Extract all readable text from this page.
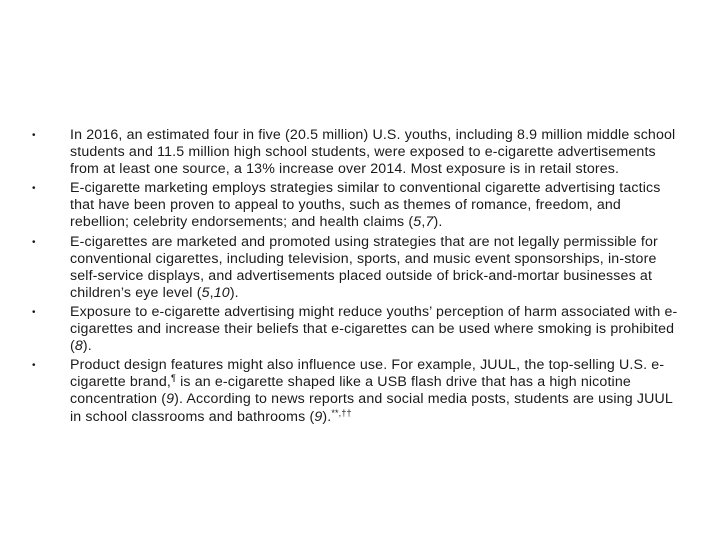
•	In 2016, an estimated four in five (20.5 million) U.S. youths, including 8.9 million middle school students and 11.5 million high school students, were exposed to e-cigarette advertisements from at least one source, a 13% increase over 2014. Most exposure is in retail stores.
•	E-cigarette marketing employs strategies similar to conventional cigarette advertising tactics that have been proven to appeal to youths, such as themes of romance, freedom, and rebellion; celebrity endorsements; and health claims (5,7).
•	E-cigarettes are marketed and promoted using strategies that are not legally permissible for conventional cigarettes, including television, sports, and music event sponsorships, in-store self-service displays, and advertisements placed outside of brick-and-mortar businesses at children’s eye level (5,10).
•	Exposure to e-cigarette advertising might reduce youths’ perception of harm associated with e-cigarettes and increase their beliefs that e-cigarettes can be used where smoking is prohibited (8).
•	Product design features might also influence use. For example, JUUL, the top-selling U.S. e-cigarette brand,¶ is an e-cigarette shaped like a USB flash drive that has a high nicotine concentration (9). According to news reports and social media posts, students are using JUUL in school classrooms and bathrooms (9).**,††
